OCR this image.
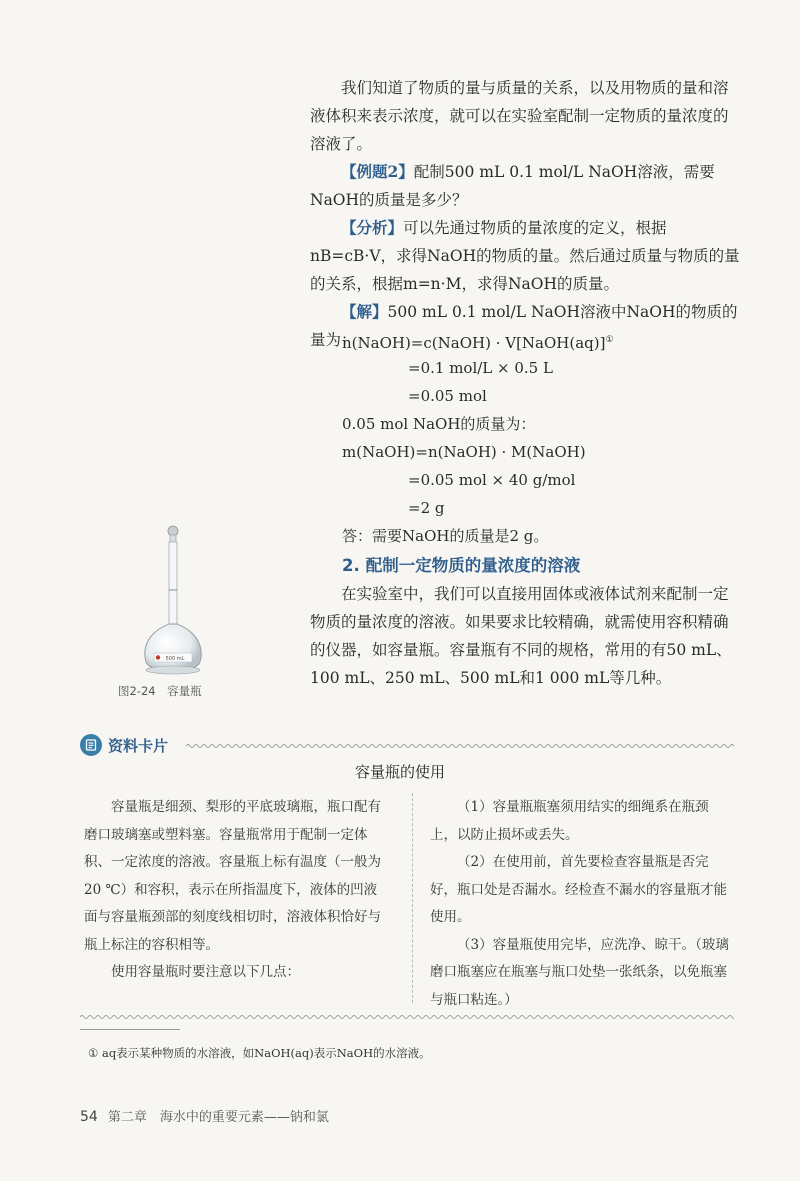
我们知道了物质的量与质量的关系，以及用物质的量和溶液体积来表示浓度，就可以在实验室配制一定物质的量浓度的溶液了。

【例题2】配制500 mL 0.1 mol/L NaOH溶液，需要NaOH的质量是多少？

【分析】可以先通过物质的量浓度的定义，根据nB=cB·V，求得NaOH的物质的量。然后通过质量与物质的量的关系，根据m=n·M，求得NaOH的质量。

【解】500 mL 0.1 mol/L NaOH溶液中NaOH的物质的量为：

n(NaOH)=c(NaOH) · V[NaOH(aq)]①

=0.1 mol/L × 0.5 L

=0.05 mol

0.05 mol NaOH的质量为：

m(NaOH)=n(NaOH) · M(NaOH)

=0.05 mol × 40 g/mol

=2 g

答：需要NaOH的质量是2 g。

2. 配制一定物质的量浓度的溶液

在实验室中，我们可以直接用固体或液体试剂来配制一定物质的量浓度的溶液。如果要求比较精确，就需使用容积精确的仪器，如容量瓶。容量瓶有不同的规格，常用的有50 mL、100 mL、250 mL、500 mL和1 000 mL等几种。

500 mL
图2-24　容量瓶
资料卡片

容量瓶的使用

容量瓶是细颈、梨形的平底玻璃瓶，瓶口配有磨口玻璃塞或塑料塞。容量瓶常用于配制一定体积、一定浓度的溶液。容量瓶上标有温度（一般为20 ℃）和容积，表示在所指温度下，液体的凹液面与容量瓶颈部的刻度线相切时，溶液体积恰好与瓶上标注的容积相等。

使用容量瓶时要注意以下几点：

（1）容量瓶瓶塞须用结实的细绳系在瓶颈上，以防止损坏或丢失。

（2）在使用前，首先要检查容量瓶是否完好，瓶口处是否漏水。经检查不漏水的容量瓶才能使用。

（3）容量瓶使用完毕，应洗净、晾干。（玻璃磨口瓶塞应在瓶塞与瓶口处垫一张纸条，以免瓶塞与瓶口粘连。）

① aq表示某种物质的水溶液，如NaOH(aq)表示NaOH的水溶液。

54 第二章　海水中的重要元素——钠和氯
